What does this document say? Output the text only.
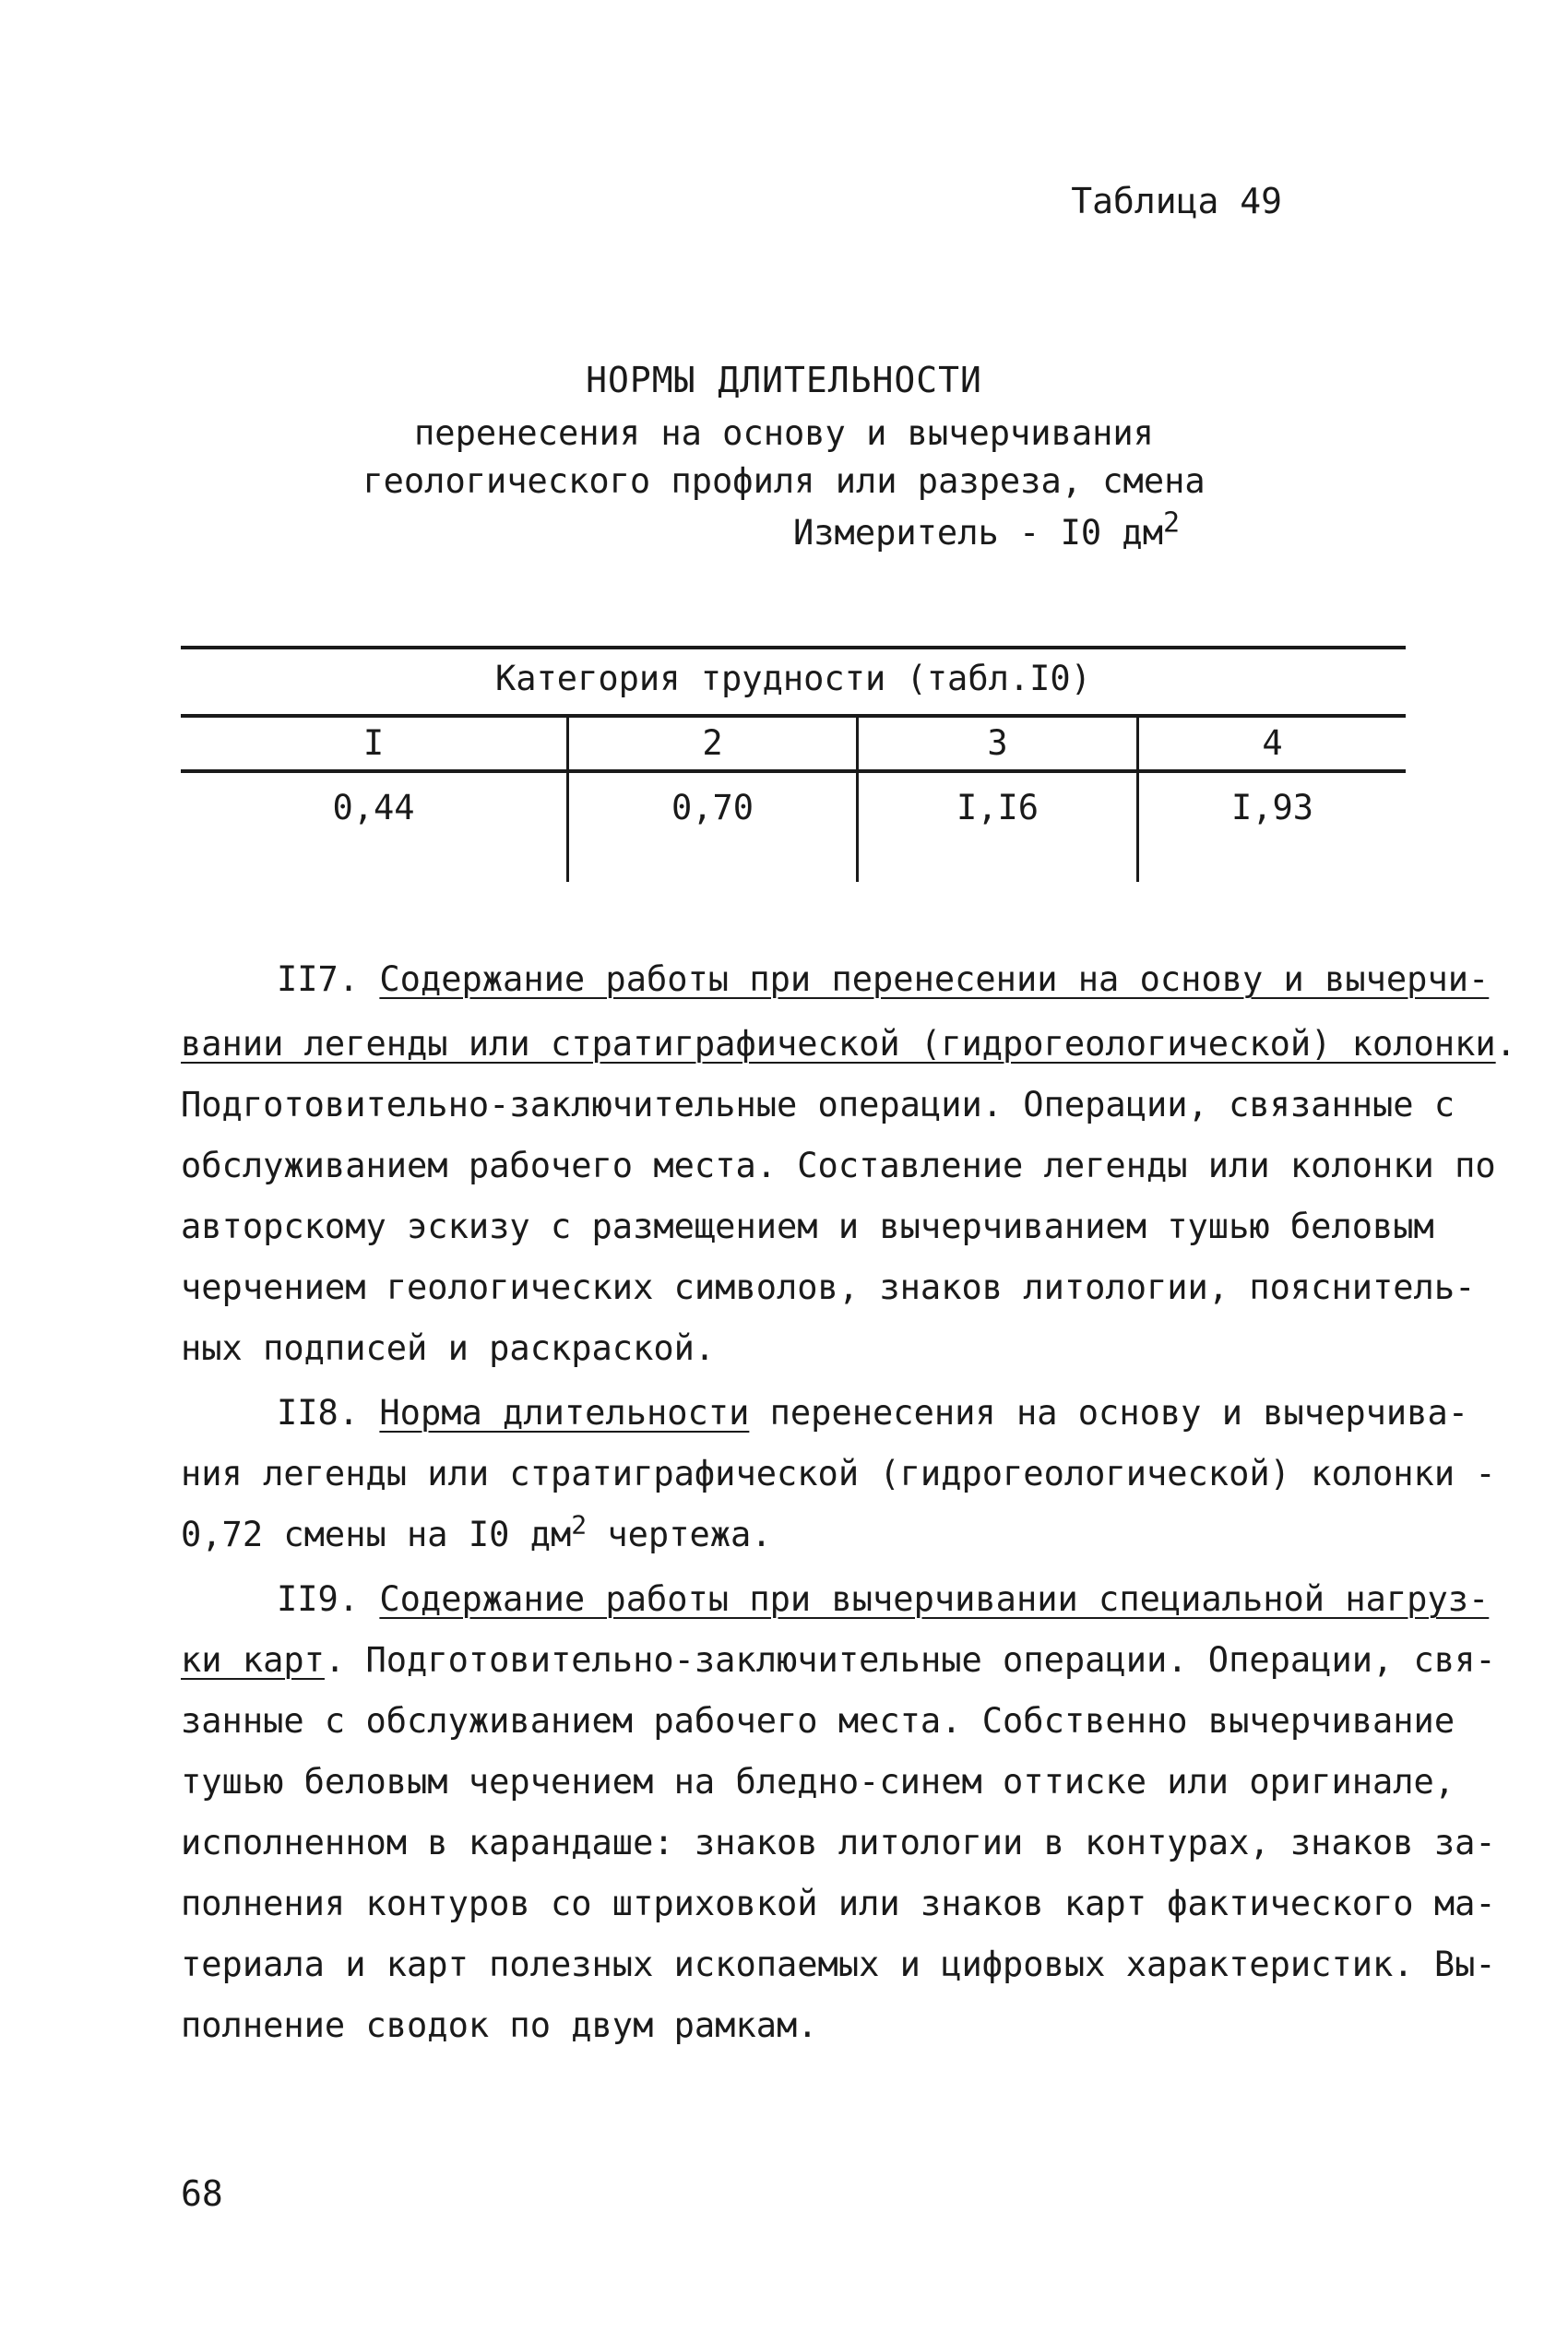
Таблица 49
НОРМЫ ДЛИТЕЛЬНОСТИ
перенесения на основу и вычерчивания
геологического профиля или разреза, смена
Измеритель - I0 $дм^2$
Категория трудности (табл.I0)
I	2	3	4
0,44	0,70	I,I6	I,93
II7. Содержание работы при перенесении на основу и вычерчи-
вании легенды или стратиграфической (гидрогеологической) колонки.
Подготовительно-заключительные операции. Операции, связанные с
обслуживанием рабочего места. Составление легенды или колонки по
авторскому эскизу с размещением и вычерчиванием тушью беловым
черчением геологических символов, знаков литологии, пояснитель-
ных подписей и раскраской.
II8. Норма длительности перенесения на основу и вычерчива-
ния легенды или стратиграфической (гидрогеологической) колонки -
0,72 смены на I0 $дм^2$ чертежа.
II9. Содержание работы при вычерчивании специальной нагруз-
ки карт. Подготовительно-заключительные операции. Операции, свя-
занные с обслуживанием рабочего места. Собственно вычерчивание
тушью беловым черчением на бледно-синем оттиске или оригинале,
исполненном в карандаше: знаков литологии в контурах, знаков за-
полнения контуров со штриховкой или знаков карт фактического ма-
териала и карт полезных ископаемых и цифровых характеристик. Вы-
полнение сводок по двум рамкам.
68
